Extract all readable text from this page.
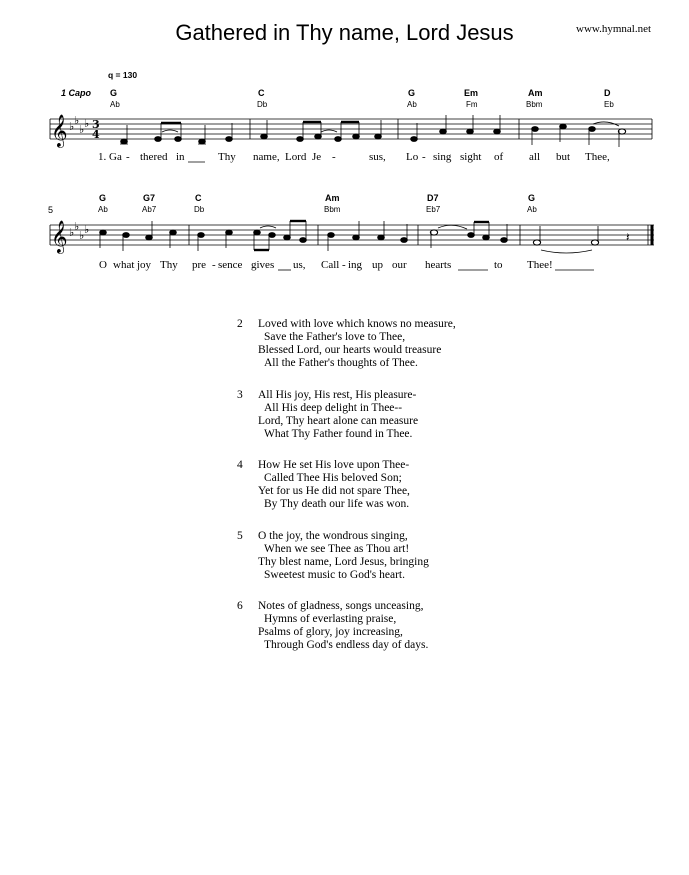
Gathered in Thy name, Lord Jesus	www.hymnal.net
q = 130
1 Capo
5
G
Ab
C
Db
G
Ab
Em
Fm
Am
Bbm
D
Eb
𝄞 ♭ ♭
♭ ♭ 3
4
1. Ga - thered in	Thy name, Lord Je -	sus, Lo - sing sight of all but Thee,
G
Ab
G7
Ab7
C
Db
Am
Bbm
D7
Eb7
G
Ab
𝄞 ♭ ♭
♭ ♭
𝄽
O what joy Thy pre - sence gives us, Call - ing up our hearts	to Thee!
2 Loved with love which knows no measure,
Save the Father's love to Thee,
Blessed Lord, our hearts would treasure
All the Father's thoughts of Thee.
3 All His joy, His rest, His pleasure-
All His deep delight in Thee--
Lord, Thy heart alone can measure
What Thy Father found in Thee.
4 How He set His love upon Thee-
Called Thee His beloved Son;
Yet for us He did not spare Thee,
By Thy death our life was won.
5 O the joy, the wondrous singing,
When we see Thee as Thou art!
Thy blest name, Lord Jesus, bringing
Sweetest music to God's heart.
6 Notes of gladness, songs unceasing,
Hymns of everlasting praise,
Psalms of glory, joy increasing,
Through God's endless day of days.
